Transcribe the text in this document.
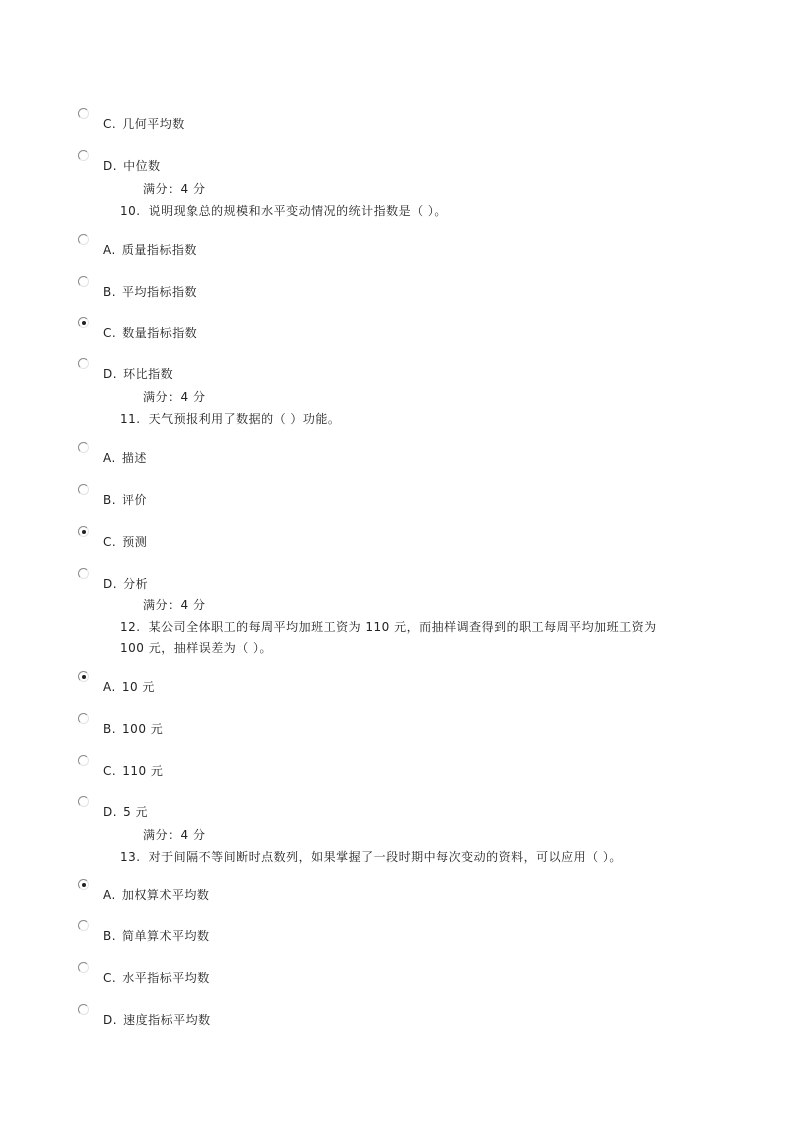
C. 几何平均数
D. 中位数
满分：4 分
10. 说明现象总的规模和水平变动情况的统计指数是（ ）。
A. 质量指标指数
B. 平均指标指数
C. 数量指标指数
D. 环比指数
满分：4 分
11. 天气预报利用了数据的（ ）功能。
A. 描述
B. 评价
C. 预测
D. 分析
满分：4 分
12. 某公司全体职工的每周平均加班工资为 110 元，而抽样调查得到的职工每周平均加班工资为 100 元，抽样误差为（ ）。
A. 10 元
B. 100 元
C. 110 元
D. 5 元
满分：4 分
13. 对于间隔不等间断时点数列，如果掌握了一段时期中每次变动的资料，可以应用（ ）。
A. 加权算术平均数
B. 简单算术平均数
C. 水平指标平均数
D. 速度指标平均数
